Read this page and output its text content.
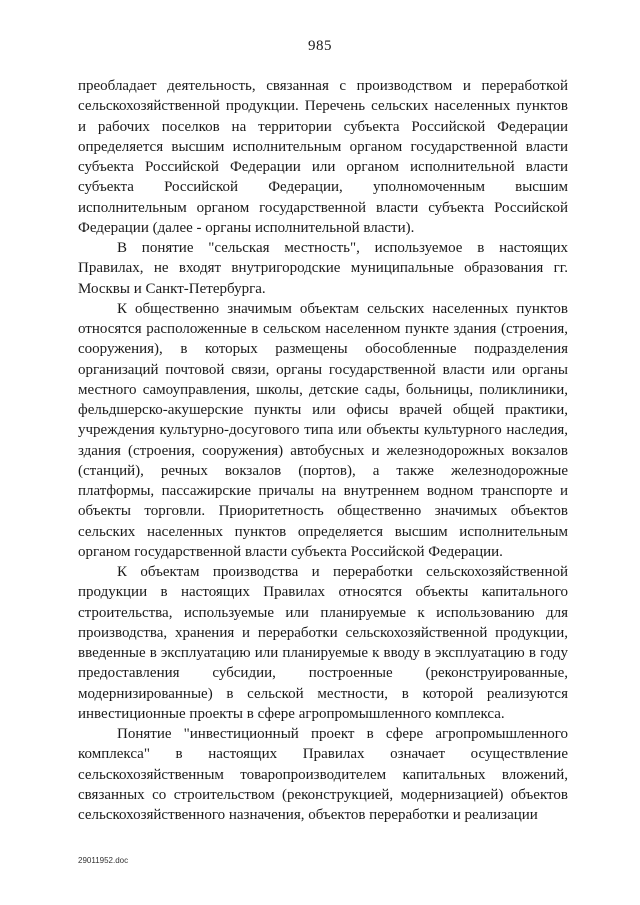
985

преобладает деятельность, связанная с производством и переработкой сельскохозяйственной продукции. Перечень сельских населенных пунктов и рабочих поселков на территории субъекта Российской Федерации определяется высшим исполнительным органом государственной власти субъекта Российской Федерации или органом исполнительной власти субъекта Российской Федерации, уполномоченным высшим исполнительным органом государственной власти субъекта Российской Федерации (далее - органы исполнительной власти).

В понятие "сельская местность", используемое в настоящих Правилах, не входят внутригородские муниципальные образования гг. Москвы и Санкт-Петербурга.

К общественно значимым объектам сельских населенных пунктов относятся расположенные в сельском населенном пункте здания (строения, сооружения), в которых размещены обособленные подразделения организаций почтовой связи, органы государственной власти или органы местного самоуправления, школы, детские сады, больницы, поликлиники, фельдшерско-акушерские пункты или офисы врачей общей практики, учреждения культурно-досугового типа или объекты культурного наследия, здания (строения, сооружения) автобусных и железнодорожных вокзалов (станций), речных вокзалов (портов), а также железнодорожные платформы, пассажирские причалы на внутреннем водном транспорте и объекты торговли. Приоритетность общественно значимых объектов сельских населенных пунктов определяется высшим исполнительным органом государственной власти субъекта Российской Федерации.

К объектам производства и переработки сельскохозяйственной продукции в настоящих Правилах относятся объекты капитального строительства, используемые или планируемые к использованию для производства, хранения и переработки сельскохозяйственной продукции, введенные в эксплуатацию или планируемые к вводу в эксплуатацию в году предоставления субсидии, построенные (реконструированные, модернизированные) в сельской местности, в которой реализуются инвестиционные проекты в сфере агропромышленного комплекса.

Понятие "инвестиционный проект в сфере агропромышленного комплекса" в настоящих Правилах означает осуществление сельскохозяйственным товаропроизводителем капитальных вложений, связанных со строительством (реконструкцией, модернизацией) объектов сельскохозяйственного назначения, объектов переработки и реализации

29011952.doc
